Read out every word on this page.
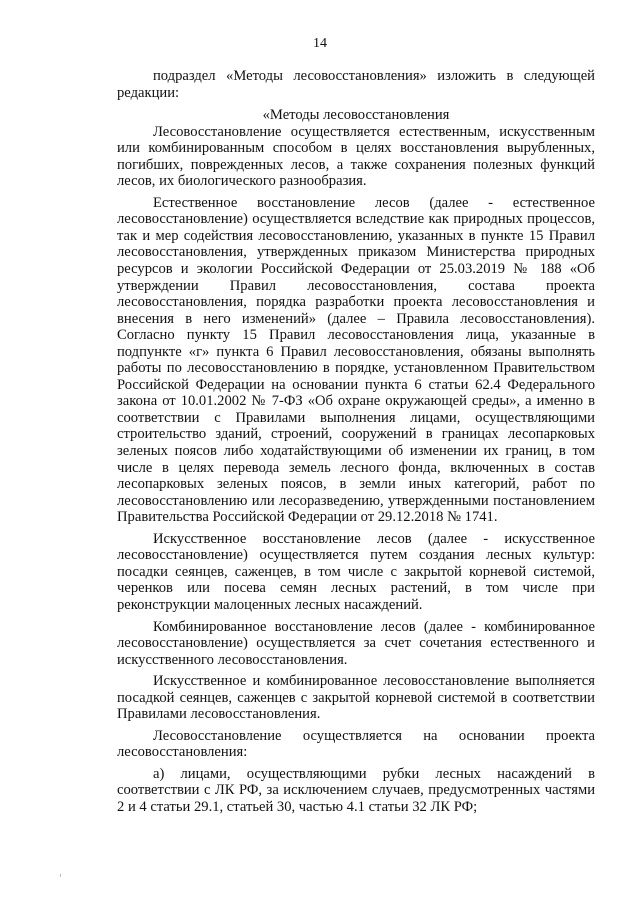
14

подраздел «Методы лесовосстановления» изложить в следующей редакции:

«Методы лесовосстановления

Лесовосстановление осуществляется естественным, искусственным или комбинированным способом в целях восстановления вырубленных, погибших, поврежденных лесов, а также сохранения полезных функций лесов, их биологического разнообразия.

Естественное восстановление лесов (далее - естественное лесовосстановление) осуществляется вследствие как природных процессов, так и мер содействия лесовосстановлению, указанных в пункте 15 Правил лесовосстановления, утвержденных приказом Министерства природных ресурсов и экологии Российской Федерации от 25.03.2019 № 188 «Об утверждении Правил лесовосстановления, состава проекта лесовосстановления, порядка разработки проекта лесовосстановления и внесения в него изменений» (далее – Правила лесовосстановления). Согласно пункту 15 Правил лесовосстановления лица, указанные в подпункте «г» пункта 6 Правил лесовосстановления, обязаны выполнять работы по лесовосстановлению в порядке, установленном Правительством Российской Федерации на основании пункта 6 статьи 62.4 Федерального закона от 10.01.2002 № 7-ФЗ «Об охране окружающей среды», а именно в соответствии с Правилами выполнения лицами, осуществляющими строительство зданий, строений, сооружений в границах лесопарковых зеленых поясов либо ходатайствующими об изменении их границ, в том числе в целях перевода земель лесного фонда, включенных в состав лесопарковых зеленых поясов, в земли иных категорий, работ по лесовосстановлению или лесоразведению, утвержденными постановлением Правительства Российской Федерации от 29.12.2018 № 1741.

Искусственное восстановление лесов (далее - искусственное лесовосстановление) осуществляется путем создания лесных культур: посадки сеянцев, саженцев, в том числе с закрытой корневой системой, черенков или посева семян лесных растений, в том числе при реконструкции малоценных лесных насаждений.

Комбинированное восстановление лесов (далее - комбинированное лесовосстановление) осуществляется за счет сочетания естественного и искусственного лесовосстановления.

Искусственное и комбинированное лесовосстановление выполняется посадкой сеянцев, саженцев с закрытой корневой системой в соответствии Правилами лесовосстановления.

Лесовосстановление осуществляется на основании проекта лесовосстановления:

а) лицами, осуществляющими рубки лесных насаждений в соответствии с ЛК РФ, за исключением случаев, предусмотренных частями 2 и 4 статьи 29.1, статьей 30, частью 4.1 статьи 32 ЛК РФ;
